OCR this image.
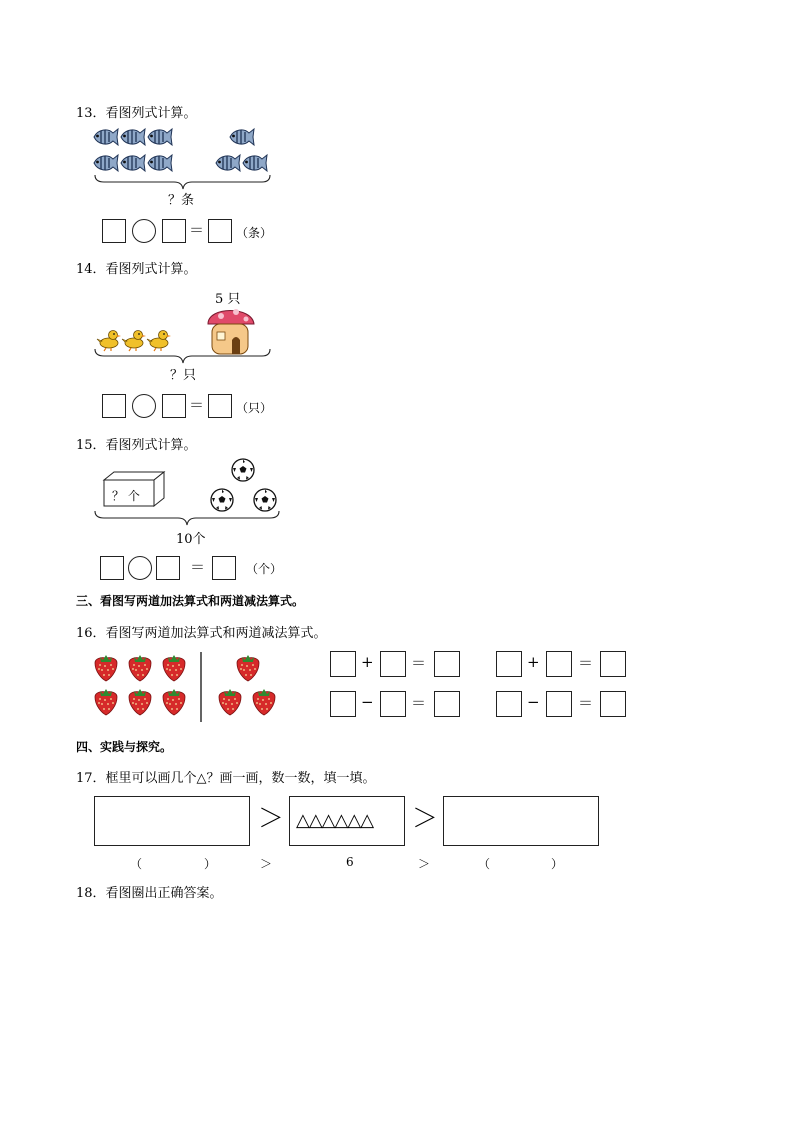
13．看图列式计算。
？条
＝	（条）
14．看图列式计算。
5 只
？只
＝	（只）
15．看图列式计算。
？ 个
10个
＝	（个）
三、看图写两道加法算式和两道减法算式。
16．看图写两道加法算式和两道减法算式。
+ ＝	+	＝
− ＝	−	＝
四、实践与探究。
17．框里可以画几个△？画一画，数一数，填一填。
＞ △△△△△△ ＞
（	）	＞	6	＞	（	）
18．看图圈出正确答案。
